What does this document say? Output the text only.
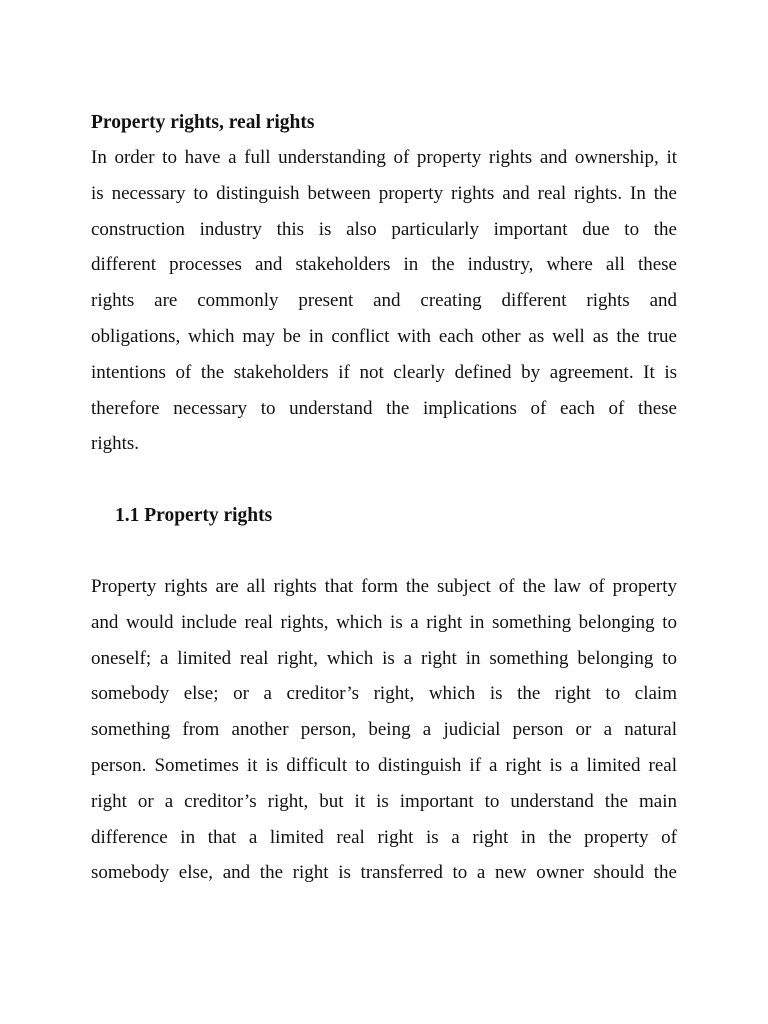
Property rights, real rights
In order to have a full understanding of property rights and ownership, it
is necessary to distinguish between property rights and real rights. In the
construction industry this is also particularly important due to the
different processes and stakeholders in the industry, where all these
rights are commonly present and creating different rights and
obligations, which may be in conflict with each other as well as the true
intentions of the stakeholders if not clearly defined by agreement. It is
therefore necessary to understand the implications of each of these
rights.
1.1 Property rights
Property rights are all rights that form the subject of the law of property
and would include real rights, which is a right in something belonging to
oneself; a limited real right, which is a right in something belonging to
somebody else; or a creditor’s right, which is the right to claim
something from another person, being a judicial person or a natural
person. Sometimes it is difficult to distinguish if a right is a limited real
right or a creditor’s right, but it is important to understand the main
difference in that a limited real right is a right in the property of
somebody else, and the right is transferred to a new owner should the
